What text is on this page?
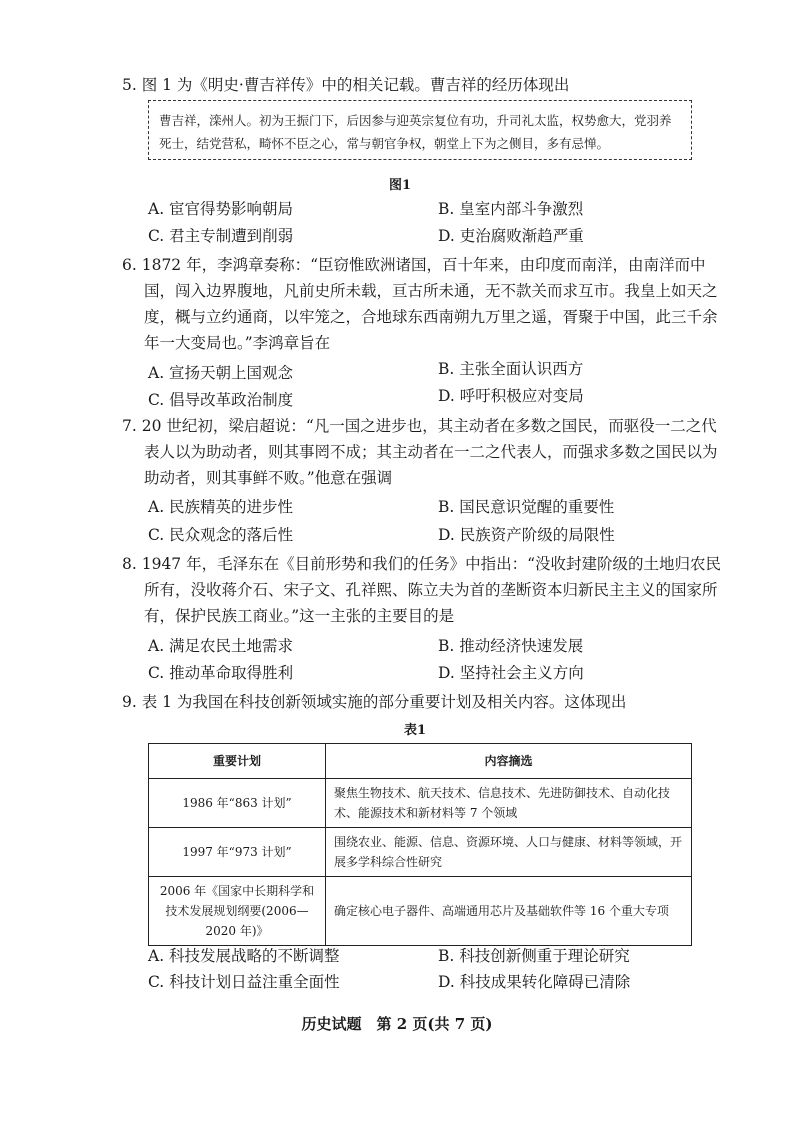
5. 图 1 为《明史·曹吉祥传》中的相关记载。曹吉祥的经历体现出
曹吉祥，滦州人。初为王振门下，后因参与迎英宗复位有功，升司礼太监，权势愈大，党羽养死士，结党营私，畸怀不臣之心，常与朝官争权，朝堂上下为之侧目，多有忌惮。
图1
A. 宦官得势影响朝局	B. 皇室内部斗争激烈
C. 君主专制遭到削弱	D. 吏治腐败渐趋严重
6. 1872 年，李鸿章奏称：“臣窃惟欧洲诸国，百十年来，由印度而南洋，由南洋而中国，闯入边界腹地，凡前史所未载，亘古所未通，无不款关而求互市。我皇上如天之度，概与立约通商，以牢笼之，合地球东西南朔九万里之遥，胥聚于中国，此三千余年一大变局也。”李鸿章旨在
A. 宣扬天朝上国观念	B. 主张全面认识西方
C. 倡导改革政治制度	D. 呼吁积极应对变局
7. 20 世纪初，梁启超说：“凡一国之进步也，其主动者在多数之国民，而驱役一二之代表人以为助动者，则其事罔不成；其主动者在一二之代表人，而强求多数之国民以为助动者，则其事鲜不败。”他意在强调
A. 民族精英的进步性	B. 国民意识觉醒的重要性
C. 民众观念的落后性	D. 民族资产阶级的局限性
8. 1947 年，毛泽东在《目前形势和我们的任务》中指出：“没收封建阶级的土地归农民所有，没收蒋介石、宋子文、孔祥熙、陈立夫为首的垄断资本归新民主主义的国家所有，保护民族工商业。”这一主张的主要目的是
A. 满足农民土地需求	B. 推动经济快速发展
C. 推动革命取得胜利	D. 坚持社会主义方向
9. 表 1 为我国在科技创新领域实施的部分重要计划及相关内容。这体现出
表1
重要计划	内容摘选
1986 年“863 计划”	聚焦生物技术、航天技术、信息技术、先进防御技术、自动化技术、能源技术和新材料等 7 个领域
1997 年“973 计划”	围绕农业、能源、信息、资源环境、人口与健康、材料等领域，开展多学科综合性研究
2006 年《国家中长期科学和技术发展规划纲要(2006—2020 年)》	确定核心电子器件、高端通用芯片及基础软件等 16 个重大专项
A. 科技发展战略的不断调整	B. 科技创新侧重于理论研究
C. 科技计划日益注重全面性	D. 科技成果转化障碍已清除
历史试题　第 2 页(共 7 页)
